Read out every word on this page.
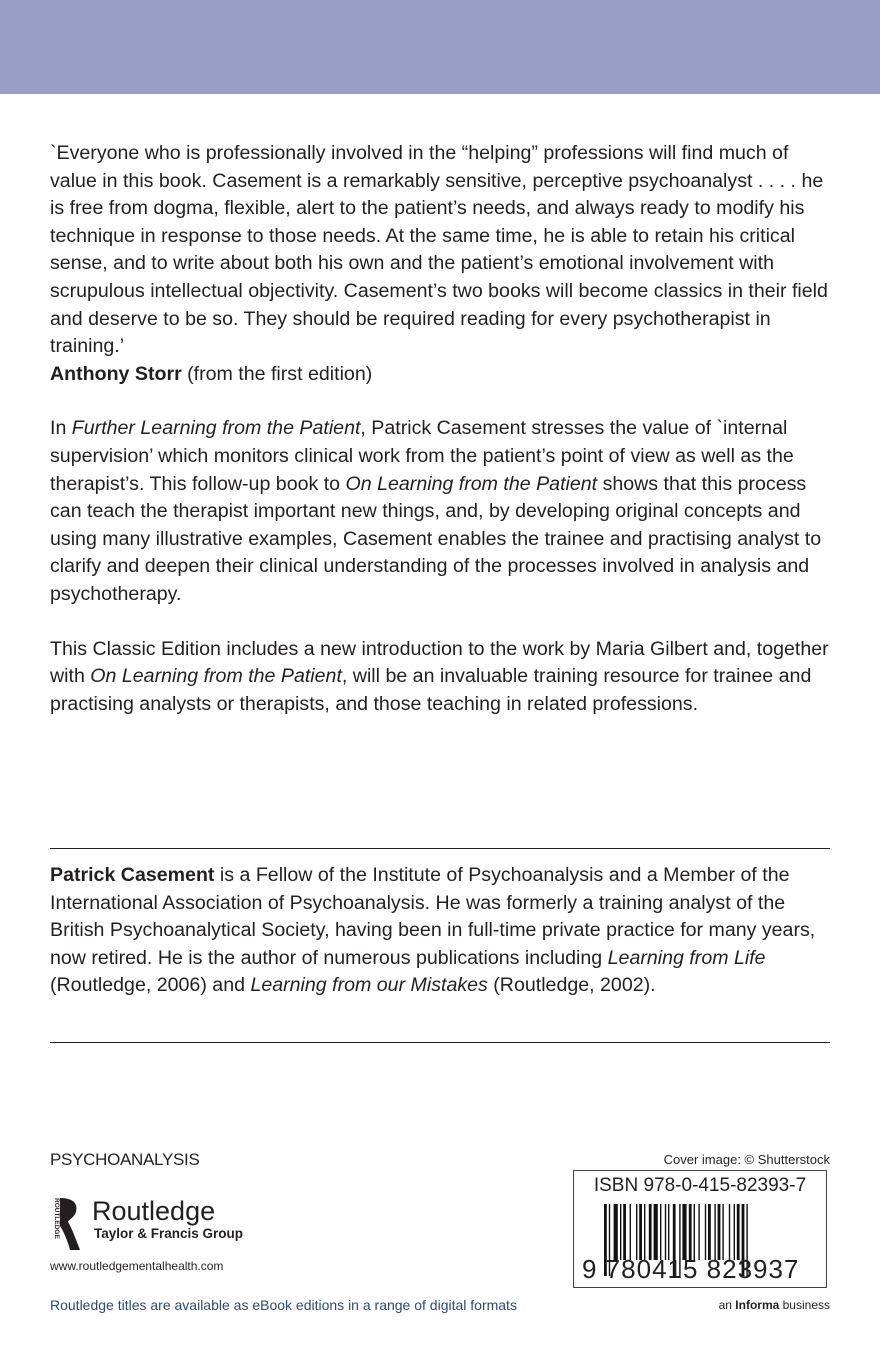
`Everyone who is professionally involved in the “helping” professions will find much of value in this book. Casement is a remarkably sensitive, perceptive psychoanalyst . . . . he is free from dogma, flexible, alert to the patient’s needs, and always ready to modify his technique in response to those needs. At the same time, he is able to retain his critical sense, and to write about both his own and the patient’s emotional involvement with scrupulous intellectual objectivity. Casement’s two books will become classics in their field and deserve to be so. They should be required reading for every psychotherapist in training.’
Anthony Storr (from the first edition)

In Further Learning from the Patient, Patrick Casement stresses the value of `internal supervision’ which monitors clinical work from the patient’s point of view as well as the therapist’s. This follow-up book to On Learning from the Patient shows that this process can teach the therapist important new things, and, by developing original concepts and using many illustrative examples, Casement enables the trainee and practising analyst to clarify and deepen their clinical understanding of the processes involved in analysis and psychotherapy.

This Classic Edition includes a new introduction to the work by Maria Gilbert and, together with On Learning from the Patient, will be an invaluable training resource for trainee and practising analysts or therapists, and those teaching in related professions.

Patrick Casement is a Fellow of the Institute of Psychoanalysis and a Member of the International Association of Psychoanalysis. He was formerly a training analyst of the British Psychoanalytical Society, having been in full-time private practice for many years, now retired. He is the author of numerous publications including Learning from Life (Routledge, 2006) and Learning from our Mistakes (Routledge, 2002).
PSYCHOANALYSIS
ROUTLEDGE Routledge
Taylor & Francis Group
www.routledgementalhealth.com
Routledge titles are available as eBook editions in a range of digital formats
Cover image: © Shutterstock
ISBN 978-0-415-82393-7
9 780415 823937
an Informa business
